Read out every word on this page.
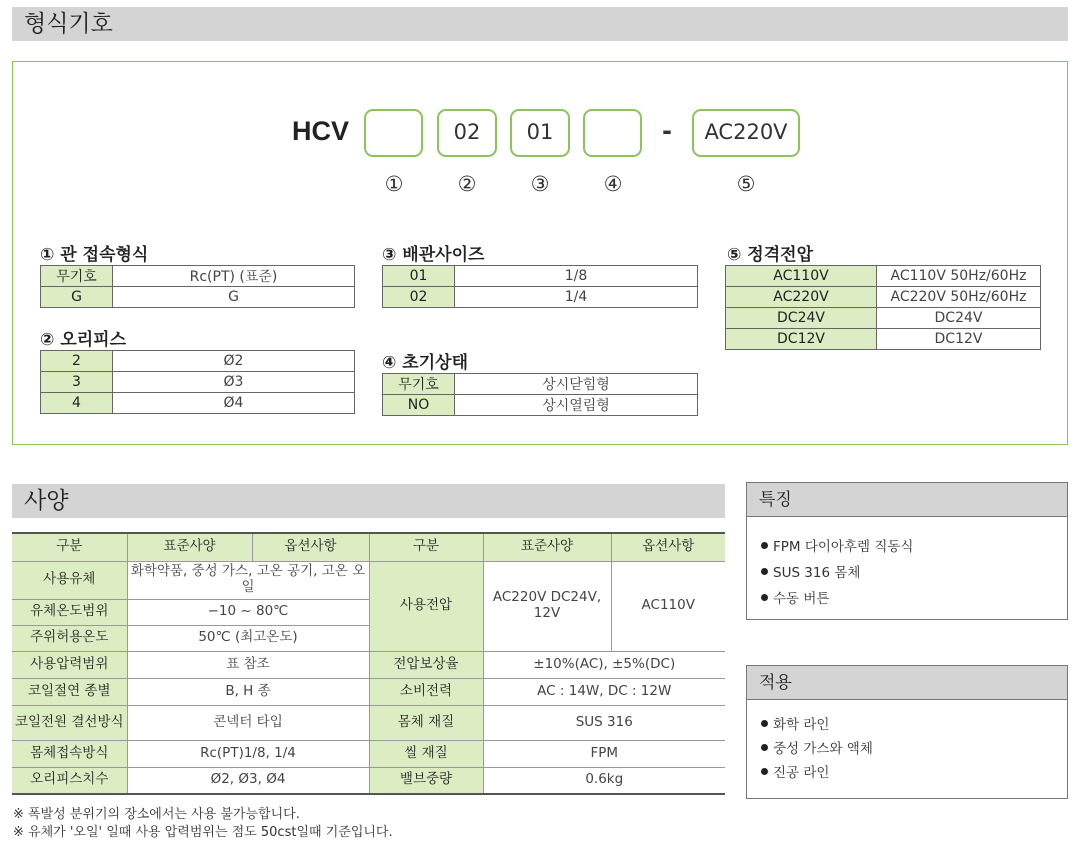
형식기호
HCV	02	01	-	AC220V
①	②	③	④	⑤
① 관 접속형식
무기호	Rc(PT) (표준)
G	G
② 오리피스
2	Ø2
3	Ø3
4	Ø4
③ 배관사이즈
01	1/8
02	1/4
④ 초기상태
무기호	상시닫힘형
NO	상시열림형
⑤ 정격전압
AC110V	AC110V 50Hz/60Hz
AC220V	AC220V 50Hz/60Hz
DC24V	DC24V
DC12V	DC12V
사양
구분	표준사양	옵션사항	구분	표준사양	옵션사항
사용유체	화학약품, 중성 가스, 고온 공기, 고온 오일		사용전압	AC220V DC24V, 12V	AC110V
유체온도범위	−10 ~ 80℃				
주위허용온도	50℃ (최고온도)				
사용압력범위	표 참조		전압보상율	±10%(AC), ±5%(DC)	
코일절연 종별	B, H 종		소비전력	AC : 14W, DC : 12W	
코일전원 결선방식	콘넥터 타입		몸체 재질	SUS 316	
몸체접속방식	Rc(PT)1/8, 1/4		씰 재질	FPM	
오리피스치수	Ø2, Ø3, Ø4		밸브중량	0.6kg	
※ 폭발성 분위기의 장소에서는 사용 불가능합니다.
※ 유체가 '오일' 일때 사용 압력범위는 점도 50cst일때 기준입니다.
특징
FPM 다이아후렘 직동식
SUS 316 몸체
수동 버튼
적용
화학 라인
중성 가스와 액체
진공 라인
